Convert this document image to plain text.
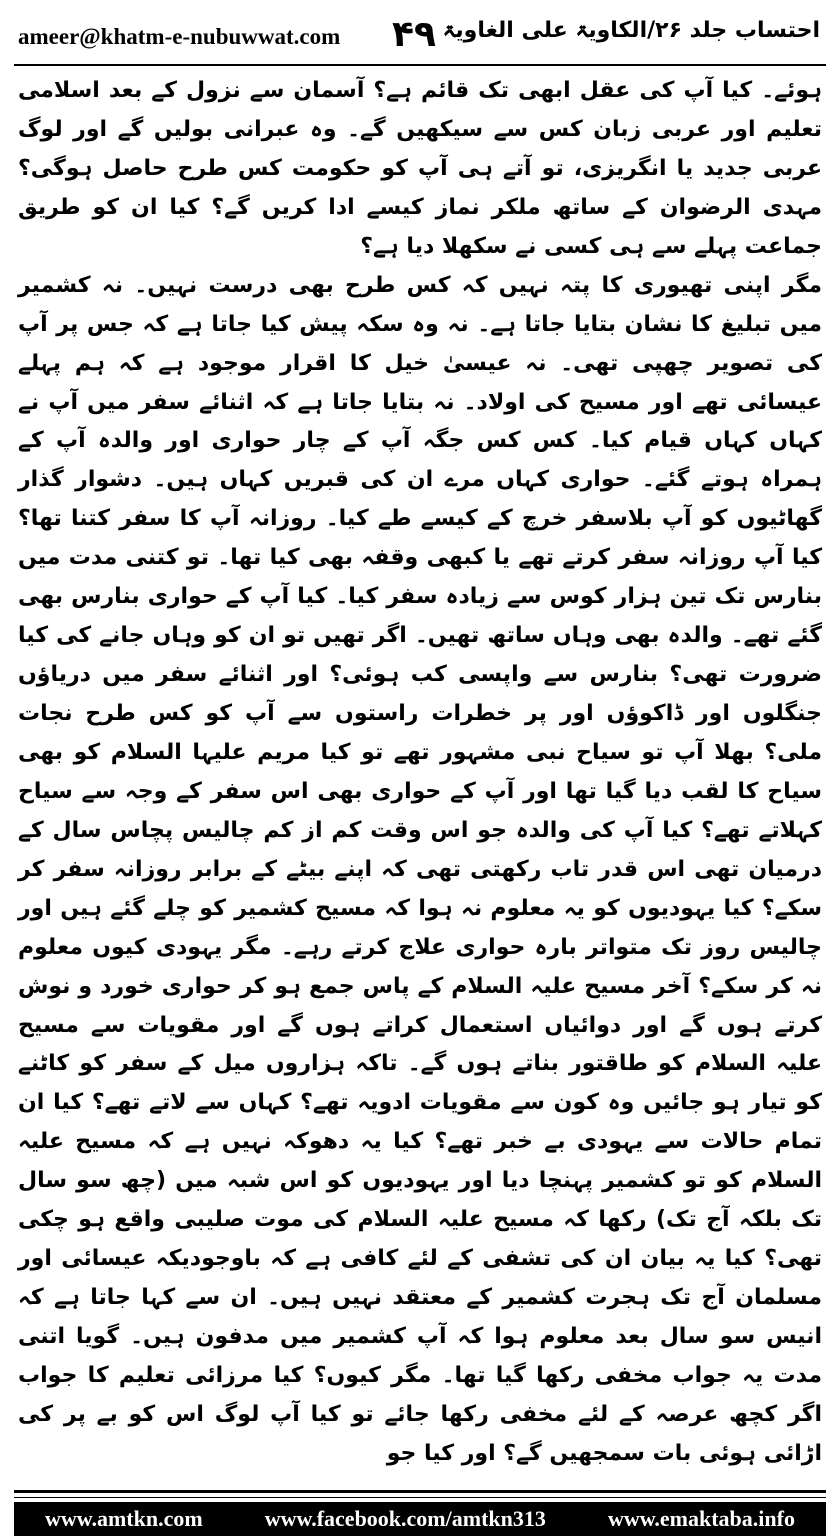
ameer@khatm-e-nubuwwat.com ۴۹ احتساب جلد ۲۶/الکاویۃ علی الغاویۃ

ہوئے۔ کیا آپ کی عقل ابھی تک قائم ہے؟ آسمان سے نزول کے بعد اسلامی تعلیم اور عربی زبان کس سے سیکھیں گے۔ وہ عبرانی بولیں گے اور لوگ عربی جدید یا انگریزی، تو آتے ہی آپ کو حکومت کس طرح حاصل ہوگی؟ مہدی الرضوان کے ساتھ ملکر نماز کیسے ادا کریں گے؟ کیا ان کو طریق جماعت پہلے سے ہی کسی نے سکھلا دیا ہے؟

مگر اپنی تھیوری کا پتہ نہیں کہ کس طرح بھی درست نہیں۔ نہ کشمیر میں تبلیغ کا نشان بتایا جاتا ہے۔ نہ وہ سکہ پیش کیا جاتا ہے کہ جس پر آپ کی تصویر چھپی تھی۔ نہ عیسیٰ خیل کا اقرار موجود ہے کہ ہم پہلے عیسائی تھے اور مسیح کی اولاد۔ نہ بتایا جاتا ہے کہ اثنائے سفر میں آپ نے کہاں کہاں قیام کیا۔ کس کس جگہ آپ کے چار حواری اور والدہ آپ کے ہمراہ ہوتے گئے۔ حواری کہاں مرے ان کی قبریں کہاں ہیں۔ دشوار گذار گھاٹیوں کو آپ بلاسفر خرچ کے کیسے طے کیا۔ روزانہ آپ کا سفر کتنا تھا؟ کیا آپ روزانہ سفر کرتے تھے یا کبھی وقفہ بھی کیا تھا۔ تو کتنی مدت میں بنارس تک تین ہزار کوس سے زیادہ سفر کیا۔ کیا آپ کے حواری بنارس بھی گئے تھے۔ والدہ بھی وہاں ساتھ تھیں۔ اگر تھیں تو ان کو وہاں جانے کی کیا ضرورت تھی؟ بنارس سے واپسی کب ہوئی؟ اور اثنائے سفر میں دریاؤں جنگلوں اور ڈاکوؤں اور پر خطرات راستوں سے آپ کو کس طرح نجات ملی؟ بھلا آپ تو سیاح نبی مشہور تھے تو کیا مریم علیہا السلام کو بھی سیاح کا لقب دیا گیا تھا اور آپ کے حواری بھی اس سفر کے وجہ سے سیاح کہلاتے تھے؟ کیا آپ کی والدہ جو اس وقت کم از کم چالیس پچاس سال کے درمیان تھی اس قدر تاب رکھتی تھی کہ اپنے بیٹے کے برابر روزانہ سفر کر سکے؟ کیا یہودیوں کو یہ معلوم نہ ہوا کہ مسیح کشمیر کو چلے گئے ہیں اور چالیس روز تک متواتر بارہ حواری علاج کرتے رہے۔ مگر یہودی کیوں معلوم نہ کر سکے؟ آخر مسیح علیہ السلام کے پاس جمع ہو کر حواری خورد و نوش کرتے ہوں گے اور دوائیاں استعمال کراتے ہوں گے اور مقویات سے مسیح علیہ السلام کو طاقتور بناتے ہوں گے۔ تاکہ ہزاروں میل کے سفر کو کاٹنے کو تیار ہو جائیں وہ کون سے مقویات ادویہ تھے؟ کہاں سے لاتے تھے؟ کیا ان تمام حالات سے یہودی بے خبر تھے؟ کیا یہ دھوکہ نہیں ہے کہ مسیح علیہ السلام کو تو کشمیر پہنچا دیا اور یہودیوں کو اس شبہ میں (چھ سو سال تک بلکہ آج تک) رکھا کہ مسیح علیہ السلام کی موت صلیبی واقع ہو چکی تھی؟ کیا یہ بیان ان کی تشفی کے لئے کافی ہے کہ باوجودیکہ عیسائی اور مسلمان آج تک ہجرت کشمیر کے معتقد نہیں ہیں۔ ان سے کہا جاتا ہے کہ انیس سو سال بعد معلوم ہوا کہ آپ کشمیر میں مدفون ہیں۔ گویا اتنی مدت یہ جواب مخفی رکھا گیا تھا۔ مگر کیوں؟ کیا مرزائی تعلیم کا جواب اگر کچھ عرصہ کے لئے مخفی رکھا جائے تو کیا آپ لوگ اس کو بے پر کی اڑائی ہوئی بات سمجھیں گے؟ اور کیا جو

www.amtkn.com	www.facebook.com/amtkn313	www.emaktaba.info
